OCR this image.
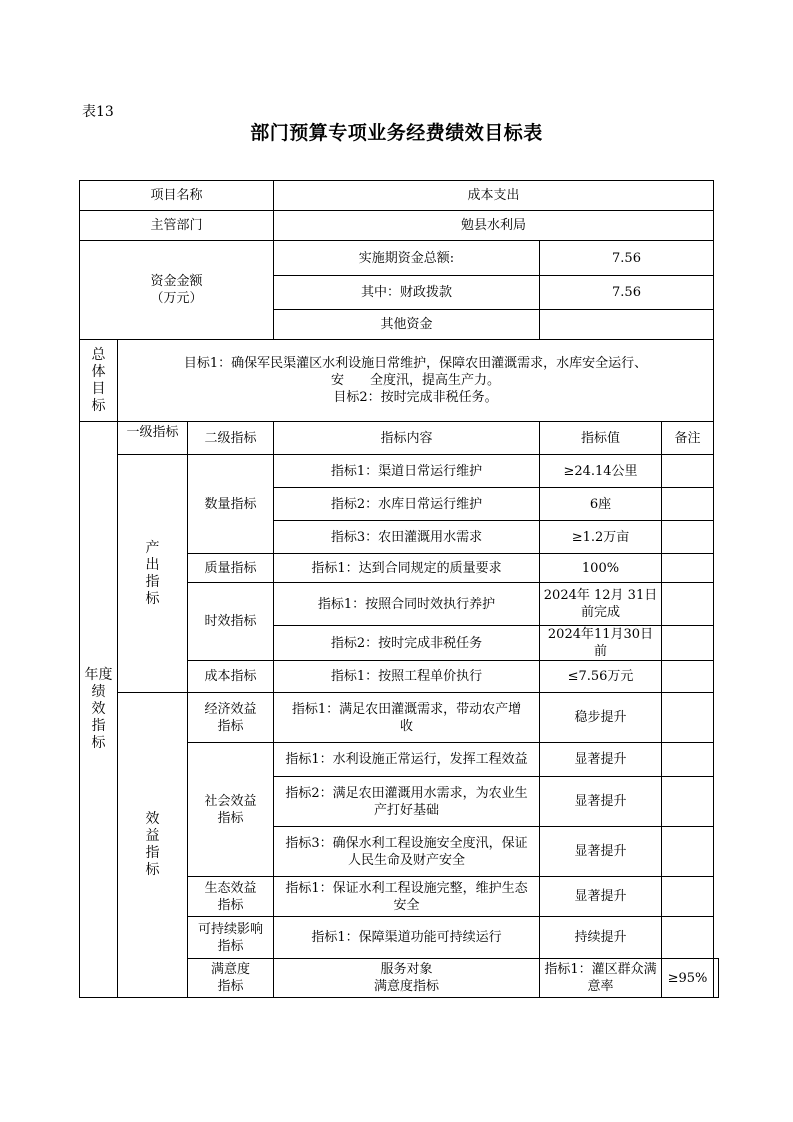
表13
部门预算专项业务经费绩效目标表
项目名称			成本支出			
主管部门			勉县水利局			

资金金额
（万元）			实施期资金总额:	7.56		
			其中：财政拨款	7.56		
			其他资金			

总
体
目
标	目标1：确保军民渠灌区水利设施日常维护，保障农田灌溉需求，水库安全运行、
安　　全度汛，提高生产力。
目标2：按时完成非税任务。					

年度
绩
效
指
标	一级指标	二级指标	指标内容	指标值	备注	

	产
出
指
标	数量指标	指标1：渠道日常运行维护	≥24.14公里		
			指标2：水库日常运行维护	6座		
			指标3：农田灌溉用水需求	≥1.2万亩		
		质量指标	指标1：达到合同规定的质量要求	100%		
		时效指标	指标1：按照合同时效执行养护	2024年 12月 31日
前完成		

			指标2：按时完成非税任务	2024年11月30日前		
		成本指标	指标1：按照工程单价执行	≤7.56万元		

	效
益
指
标	经济效益
指标	指标1：满足农田灌溉需求，带动农产增
收	稳步提升		

		社会效益
指标	指标1：水利设施正常运行，发挥工程效益	显著提升		

			指标2：满足农田灌溉用水需求，为农业生
产打好基础	显著提升		

			指标3：确保水利工程设施安全度汛，保证
人民生命及财产安全	显著提升		

		生态效益
指标	指标1：保证水利工程设施完整，维护生态
安全	显著提升		

		可持续影响
指标	指标1：保障渠道功能可持续运行	持续提升		

		满意度
指标	服务对象
满意度指标	指标1：灌区群众满意率	≥95%	
